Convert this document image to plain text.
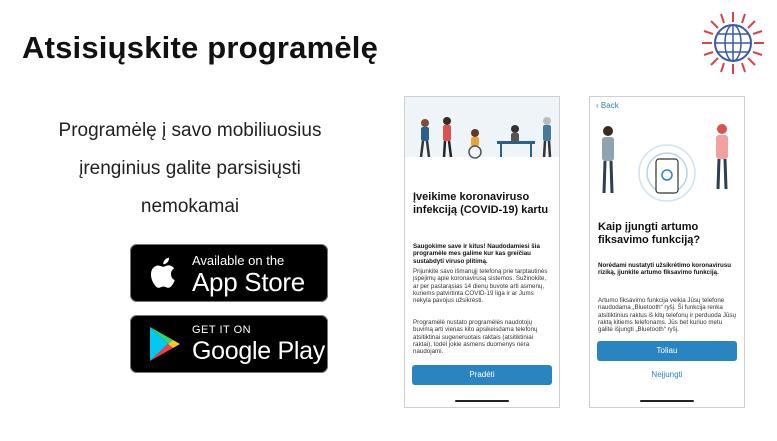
Atsisiųskite programėlę
Programėlę į savo mobiliuosius
įrenginius galite parsisiųsti
nemokamai
Available on the
App Store
GET IT ON
Google Play
Įveikime koronaviruso infekciją (COVID-19) kartu
Saugokime save ir kitus! Naudodamiesi šia programėle mes galime kur kas greičiau sustabdyti viruso plitimą.
Prijunkite savo išmanųjį telefoną prie tarptautinės įspėjimų apie koronavirusą sistemos. Sužinokite, ar per pastarąsias 14 dienų buvote arti asmenų, kuriems patvirtinta COVID-19 liga ir ar Jums nekyla pavojus užsikrėsti.
Programėlė nustato programėlės naudotojų buvimą arti vienas kito apsikeisdama telefonų atsitiktinai sugeneruotais raktais (atsitiktiniai raktai), todėl jokie asmens duomenys nėra naudojami.
Pradėti
‹ Back
Kaip įjungti artumo fiksavimo funkciją?
Norėdami nustatyti užsikrėtimo koronavirusu riziką, įjunkite artumo fiksavimo funkciją.
Artumo fiksavimo funkcija veikia Jūsų telefone naudodama „Bluetooth“ ryšį. Ši funkcija renka atsitiktinius raktus iš kitų telefonų ir perduoda Jūsų raktą kitiems telefonams. Jūs bet kuriuo metu galite išjungti „Bluetooth“ ryšį.
Toliau
Neįjungti
